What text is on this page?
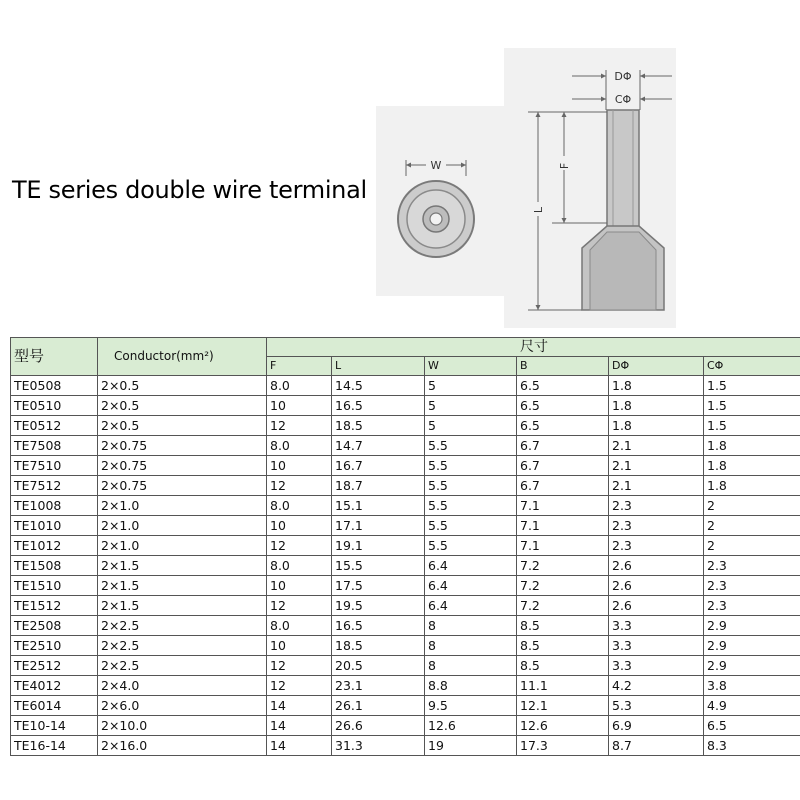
TE series double wire terminal
W
DΦ
CΦ
F
L
型号	Conductor(mm²)	尺寸					
		F	L	W	B	DΦ	CΦ
TE0508	2×0.5	8.0	14.5	5	6.5	1.8	1.5
TE0510	2×0.5	10	16.5	5	6.5	1.8	1.5
TE0512	2×0.5	12	18.5	5	6.5	1.8	1.5
TE7508	2×0.75	8.0	14.7	5.5	6.7	2.1	1.8
TE7510	2×0.75	10	16.7	5.5	6.7	2.1	1.8
TE7512	2×0.75	12	18.7	5.5	6.7	2.1	1.8
TE1008	2×1.0	8.0	15.1	5.5	7.1	2.3	2
TE1010	2×1.0	10	17.1	5.5	7.1	2.3	2
TE1012	2×1.0	12	19.1	5.5	7.1	2.3	2
TE1508	2×1.5	8.0	15.5	6.4	7.2	2.6	2.3
TE1510	2×1.5	10	17.5	6.4	7.2	2.6	2.3
TE1512	2×1.5	12	19.5	6.4	7.2	2.6	2.3
TE2508	2×2.5	8.0	16.5	8	8.5	3.3	2.9
TE2510	2×2.5	10	18.5	8	8.5	3.3	2.9
TE2512	2×2.5	12	20.5	8	8.5	3.3	2.9
TE4012	2×4.0	12	23.1	8.8	11.1	4.2	3.8
TE6014	2×6.0	14	26.1	9.5	12.1	5.3	4.9
TE10-14	2×10.0	14	26.6	12.6	12.6	6.9	6.5
TE16-14	2×16.0	14	31.3	19	17.3	8.7	8.3
